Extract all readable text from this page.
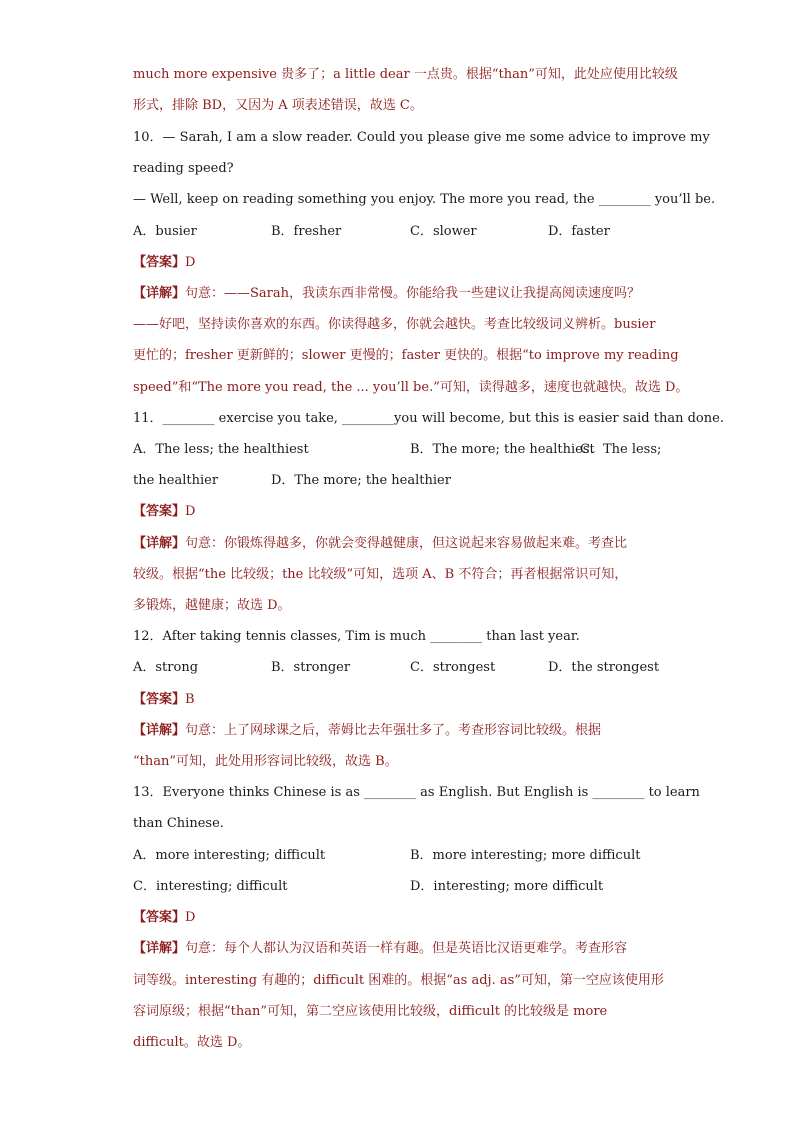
much more expensive 贵多了；a little dear 一点贵。根据“than”可知，此处应使用比较级
形式，排除 BD，又因为 A 项表述错误，故选 C。
10．— Sarah, I am a slow reader. Could you please give me some advice to improve my
reading speed?
— Well, keep on reading something you enjoy. The more you read, the ________ you’ll be.
A．busier	B．fresher	C．slower	D．faster
【答案】D
【详解】句意：——Sarah，我读东西非常慢。你能给我一些建议让我提高阅读速度吗？
——好吧，坚持读你喜欢的东西。你读得越多，你就会越快。考查比较级词义辨析。busier
更忙的；fresher 更新鲜的；slower 更慢的；faster 更快的。根据“to improve my reading
speed”和“The more you read, the ... you’ll be.”可知，读得越多，速度也就越快。故选 D。
11．________ exercise you take, ________you will become, but this is easier said than done.
A．The less; the healthiest	B．The more; the healthiest
C．The less;
the healthier	D．The more; the healthier
【答案】D
【详解】句意：你锻炼得越多，你就会变得越健康，但这说起来容易做起来难。考查比
较级。根据“the 比较级；the 比较级”可知，选项 A、B 不符合；再者根据常识可知，
多锻炼，越健康；故选 D。
12．After taking tennis classes, Tim is much ________ than last year.
A．strong	B．stronger	C．strongest	D．the strongest
【答案】B
【详解】句意：上了网球课之后，蒂姆比去年强壮多了。考查形容词比较级。根据
“than”可知，此处用形容词比较级，故选 B。
13．Everyone thinks Chinese is as ________ as English. But English is ________ to learn
than Chinese.
A．more interesting; difficult	B．more interesting; more difficult
C．interesting; difficult	D．interesting; more difficult
【答案】D
【详解】句意：每个人都认为汉语和英语一样有趣。但是英语比汉语更难学。考查形容
词等级。interesting 有趣的；difficult 困难的。根据“as adj. as”可知，第一空应该使用形
容词原级；根据“than”可知，第二空应该使用比较级，difficult 的比较级是 more
difficult。故选 D。
